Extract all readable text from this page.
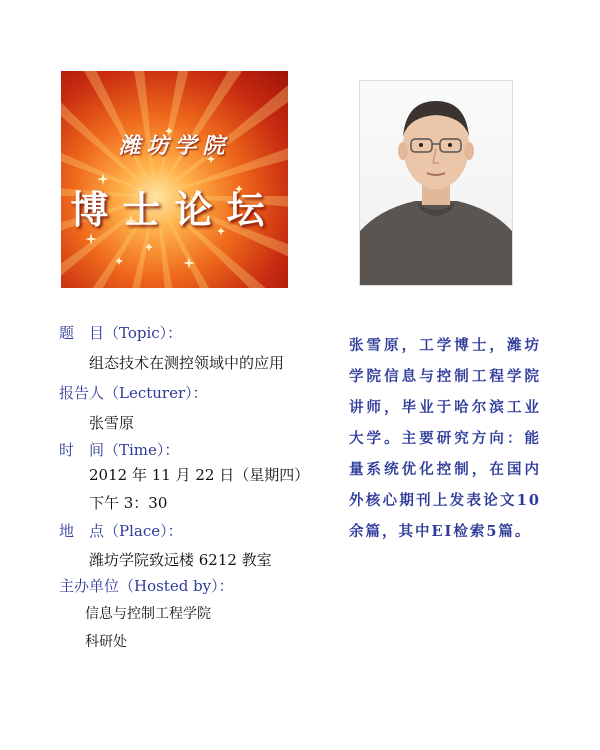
潍坊学院
博士论坛
题　目（Topic）：
组态技术在测控领域中的应用
报告人（Lecturer）：
张雪原
时　间（Time）：
2012 年 11 月 22 日（星期四）
下午 3：30
地　点（Place）：
潍坊学院致远楼 6212 教室
主办单位（Hosted by）：
信息与控制工程学院
科研处
张雪原，工学博士，潍坊学院信息与控制工程学院讲师，毕业于哈尔滨工业大学。主要研究方向：能量系统优化控制，在国内外核心期刊上发表论文10余篇，其中EI检索5篇。
